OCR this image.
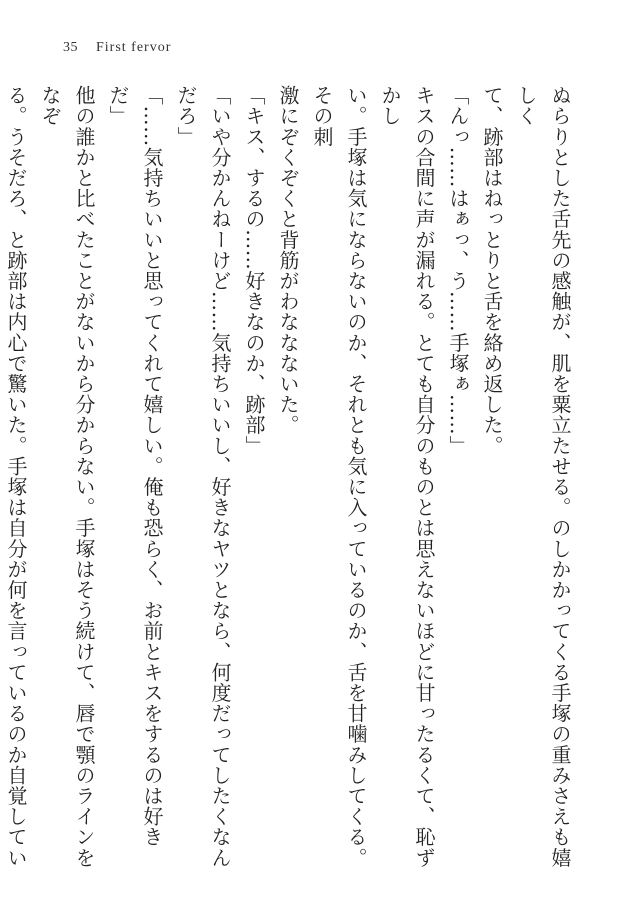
35 First fervor

ぬらりとした舌先の感触が、肌を粟立たせる。のしかかってくる手塚の重みさえも嬉しく

て、跡部はねっとりと舌を絡め返した。

「んっ……はぁっ、う……手塚ぁ……」

キスの合間に声が漏れる。とても自分のものとは思えないほどに甘ったるくて、恥ずかし

い。手塚は気にならないのか、それとも気に入っているのか、舌を甘噛みしてくる。その刺

激にぞくぞくと背筋がわななないた。

「キス、するの……好きなのか、跡部」

「いや分かんねーけど……気持ちいいし、好きなヤツとなら、何度だってしたくなんだろ」

「……気持ちいいと思ってくれて嬉しい。俺も恐らく、お前とキスをするのは好きだ」

他の誰かと比べたことがないから分からない。手塚はそう続けて、唇で顎のラインをなぞ

る。うそだろ、と跡部は内心で驚いた。手塚は自分が何を言っているのか自覚してい
